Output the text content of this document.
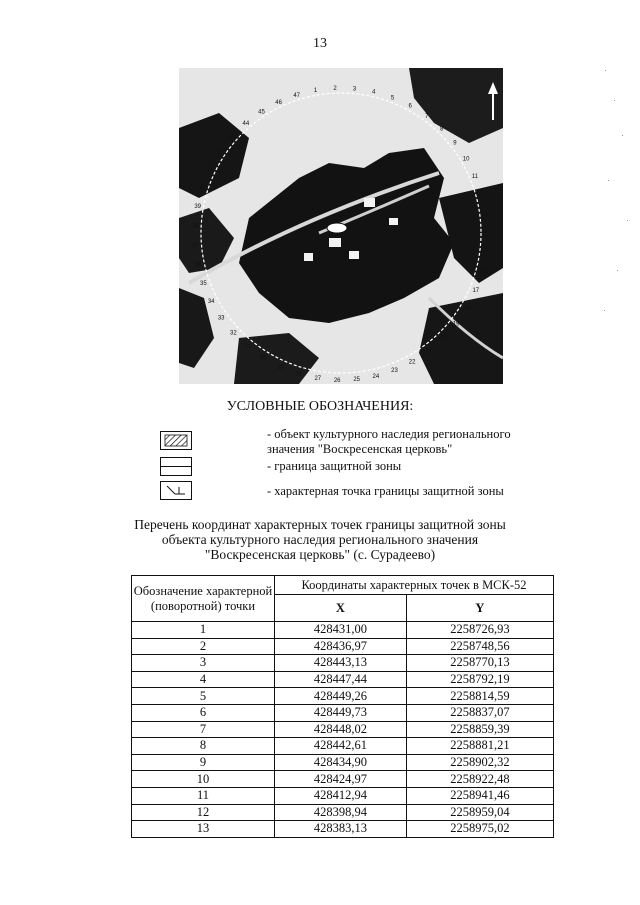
13
1	2	3
4
5
6
7
8
9
10
11
12
13
14
15
16
17
18
19
20
21
22
23
24
25
26
27
28
29
30
31
32
33
34
35
36
37
38
39
40
41
42
43
44
45
46
47
УСЛОВНЫЕ ОБОЗНАЧЕНИЯ:
- объект культурного наследия регионального
значения "Воскресенская церковь"
- граница защитной зоны
- характерная точка границы защитной зоны
Перечень координат характерных точек границы защитной зоны
объекта культурного наследия регионального значения
"Воскресенская церковь" (с. Сурадеево)
Обозначение характерной (поворотной) точки	Координаты характерных точек в МСК-52	
	X	Y
1	428431,00	2258726,93
2	428436,97	2258748,56
3	428443,13	2258770,13
4	428447,44	2258792,19
5	428449,26	2258814,59
6	428449,73	2258837,07
7	428448,02	2258859,39
8	428442,61	2258881,21
9	428434,90	2258902,32
10	428424,97	2258922,48
11	428412,94	2258941,46
12	428398,94	2258959,04
13	428383,13	2258975,02
